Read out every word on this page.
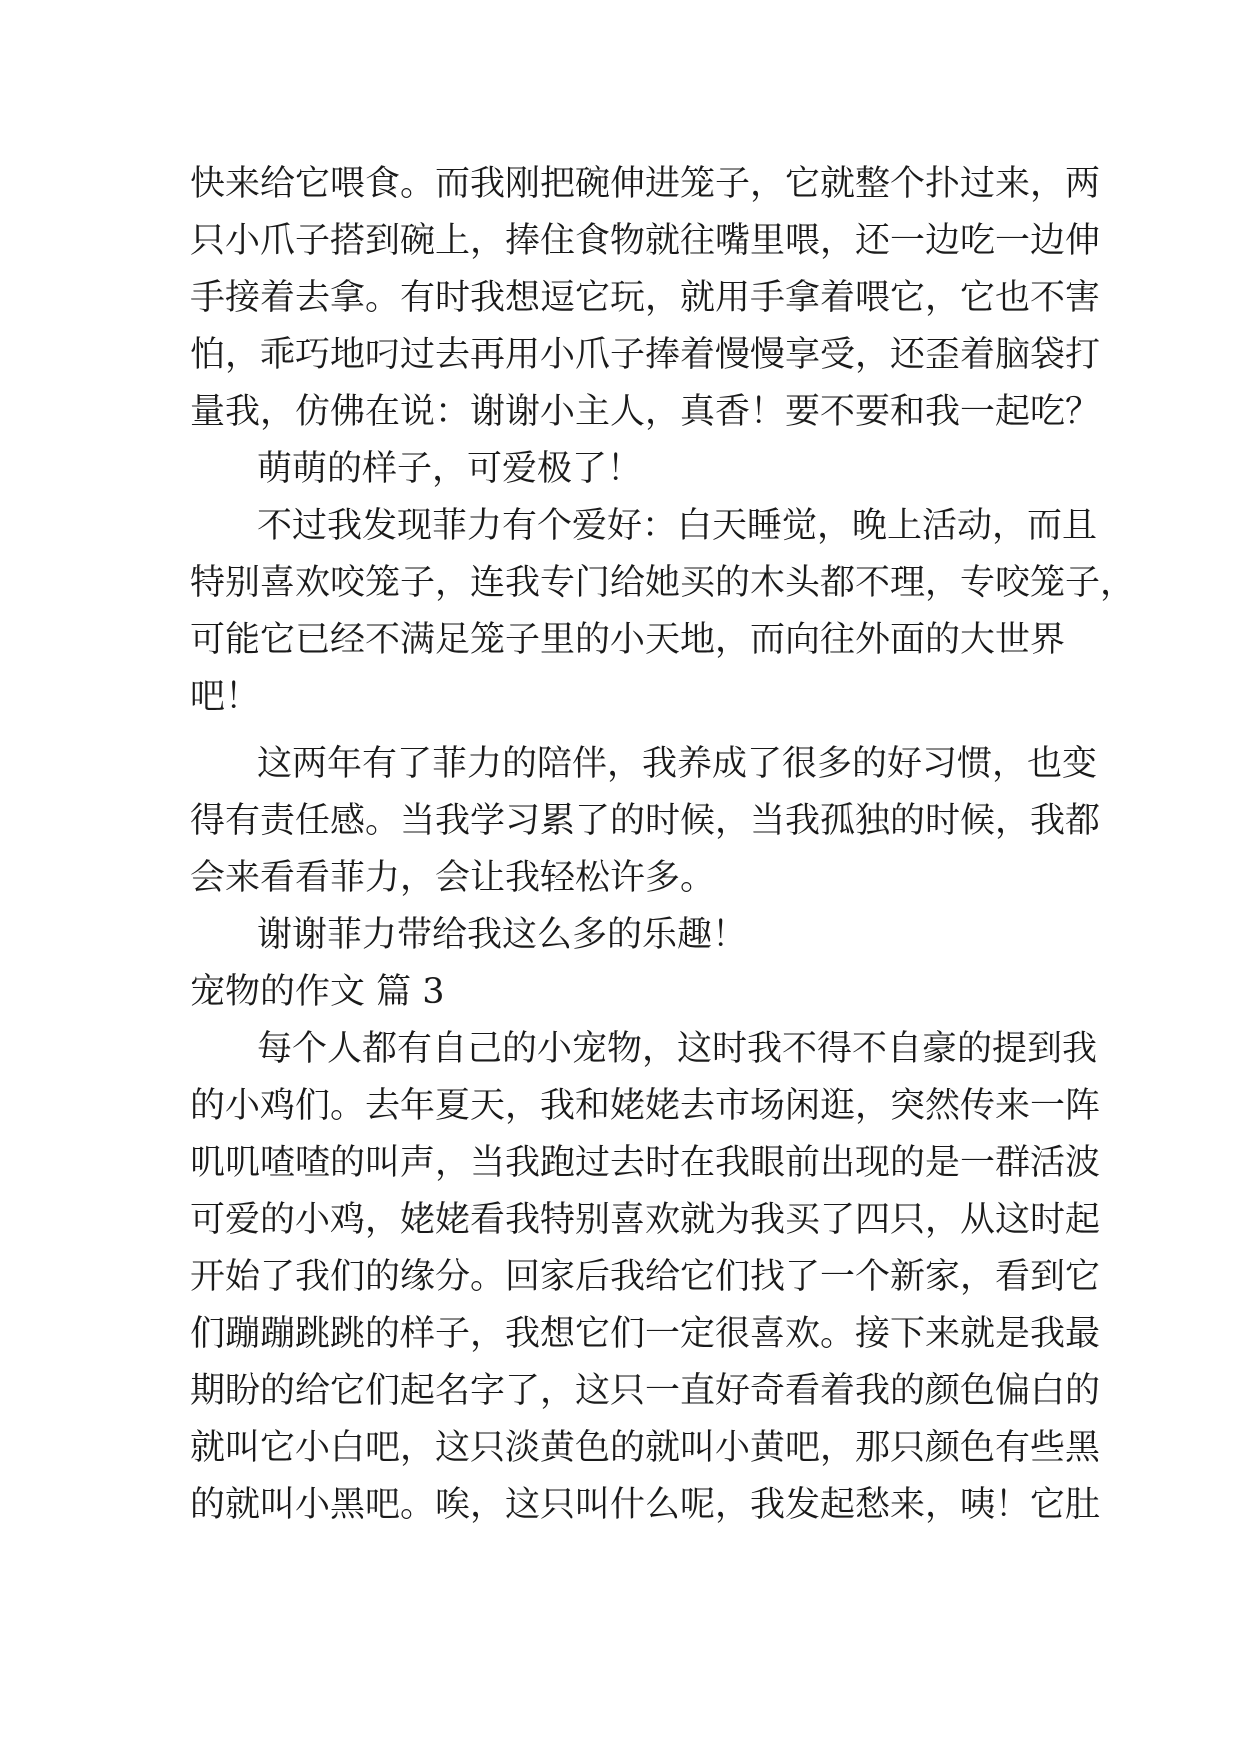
快来给它喂食。而我刚把碗伸进笼子，它就整个扑过来，两
只小爪子搭到碗上，捧住食物就往嘴里喂，还一边吃一边伸
手接着去拿。有时我想逗它玩，就用手拿着喂它，它也不害
怕，乖巧地叼过去再用小爪子捧着慢慢享受，还歪着脑袋打
量我，仿佛在说：谢谢小主人，真香！要不要和我一起吃？
萌萌的样子，可爱极了！
不过我发现菲力有个爱好：白天睡觉，晚上活动，而且
特别喜欢咬笼子，连我专门给她买的木头都不理，专咬笼子，
可能它已经不满足笼子里的小天地，而向往外面的大世界
吧！
这两年有了菲力的陪伴，我养成了很多的好习惯，也变
得有责任感。当我学习累了的时候，当我孤独的时候，我都
会来看看菲力，会让我轻松许多。
谢谢菲力带给我这么多的乐趣！
宠物的作文 篇 3
每个人都有自己的小宠物，这时我不得不自豪的提到我
的小鸡们。去年夏天，我和姥姥去市场闲逛，突然传来一阵
叽叽喳喳的叫声，当我跑过去时在我眼前出现的是一群活波
可爱的小鸡，姥姥看我特别喜欢就为我买了四只，从这时起
开始了我们的缘分。回家后我给它们找了一个新家，看到它
们蹦蹦跳跳的样子，我想它们一定很喜欢。接下来就是我最
期盼的给它们起名字了，这只一直好奇看着我的颜色偏白的
就叫它小白吧，这只淡黄色的就叫小黄吧，那只颜色有些黑
的就叫小黑吧。唉，这只叫什么呢，我发起愁来，咦！它肚
